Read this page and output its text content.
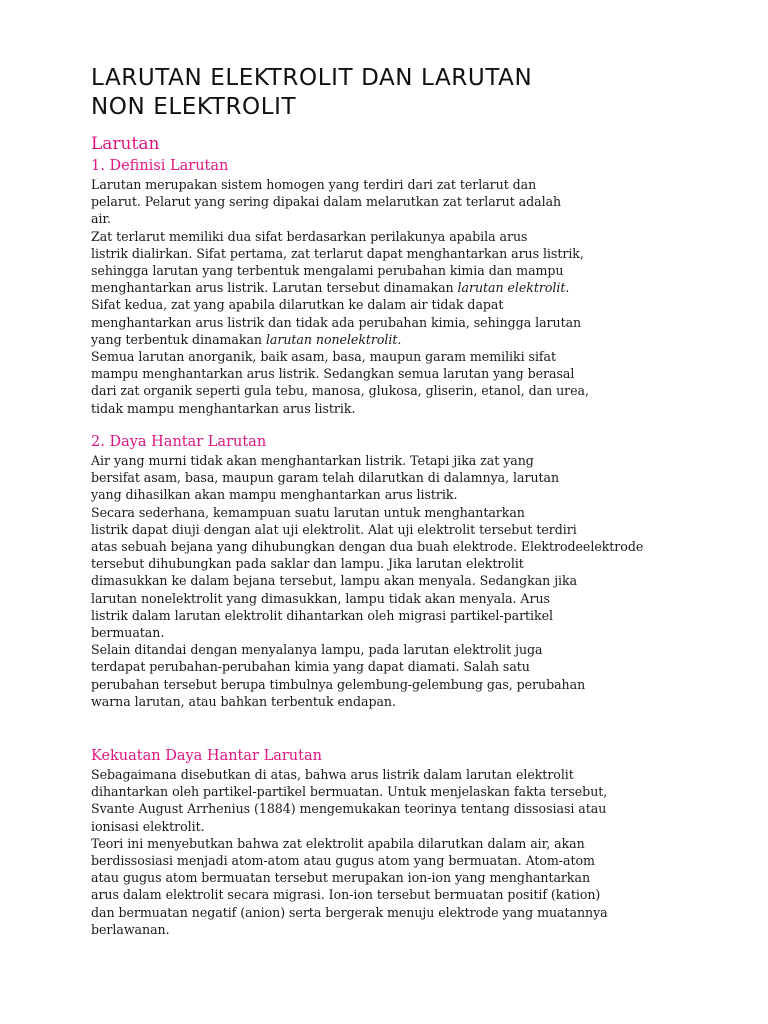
LARUTAN ELEKTROLIT DAN LARUTAN
NON ELEKTROLIT
Larutan
1. Definisi Larutan

Larutan merupakan sistem homogen yang terdiri dari zat terlarut dan

pelarut. Pelarut yang sering dipakai dalam melarutkan zat terlarut adalah

air.

Zat terlarut memiliki dua sifat berdasarkan perilakunya apabila arus

listrik dialirkan. Sifat pertama, zat terlarut dapat menghantarkan arus listrik,

sehingga larutan yang terbentuk mengalami perubahan kimia dan mampu

menghantarkan arus listrik. Larutan tersebut dinamakan larutan elektrolit.

Sifat kedua, zat yang apabila dilarutkan ke dalam air tidak dapat

menghantarkan arus listrik dan tidak ada perubahan kimia, sehingga larutan

yang terbentuk dinamakan larutan nonelektrolit.

Semua larutan anorganik, baik asam, basa, maupun garam memiliki sifat

mampu menghantarkan arus listrik. Sedangkan semua larutan yang berasal

dari zat organik seperti gula tebu, manosa, glukosa, gliserin, etanol, dan urea,

tidak mampu menghantarkan arus listrik.

2. Daya Hantar Larutan

Air yang murni tidak akan menghantarkan listrik. Tetapi jika zat yang

bersifat asam, basa, maupun garam telah dilarutkan di dalamnya, larutan

yang dihasilkan akan mampu menghantarkan arus listrik.

Secara sederhana, kemampuan suatu larutan untuk menghantarkan

listrik dapat diuji dengan alat uji elektrolit. Alat uji elektrolit tersebut terdiri

atas sebuah bejana yang dihubungkan dengan dua buah elektrode. Elektrodeelektrode

tersebut dihubungkan pada saklar dan lampu. Jika larutan elektrolit

dimasukkan ke dalam bejana tersebut, lampu akan menyala. Sedangkan jika

larutan nonelektrolit yang dimasukkan, lampu tidak akan menyala. Arus

listrik dalam larutan elektrolit dihantarkan oleh migrasi partikel-partikel

bermuatan.

Selain ditandai dengan menyalanya lampu, pada larutan elektrolit juga

terdapat perubahan-perubahan kimia yang dapat diamati. Salah satu

perubahan tersebut berupa timbulnya gelembung-gelembung gas, perubahan

warna larutan, atau bahkan terbentuk endapan.

Kekuatan Daya Hantar Larutan

Sebagaimana disebutkan di atas, bahwa arus listrik dalam larutan elektrolit

dihantarkan oleh partikel-partikel bermuatan. Untuk menjelaskan fakta tersebut,

Svante August Arrhenius (1884) mengemukakan teorinya tentang dissosiasi atau

ionisasi elektrolit.

Teori ini menyebutkan bahwa zat elektrolit apabila dilarutkan dalam air, akan

berdissosiasi menjadi atom-atom atau gugus atom yang bermuatan. Atom-atom

atau gugus atom bermuatan tersebut merupakan ion-ion yang menghantarkan

arus dalam elektrolit secara migrasi. Ion-ion tersebut bermuatan positif (kation)

dan bermuatan negatif (anion) serta bergerak menuju elektrode yang muatannya

berlawanan.
